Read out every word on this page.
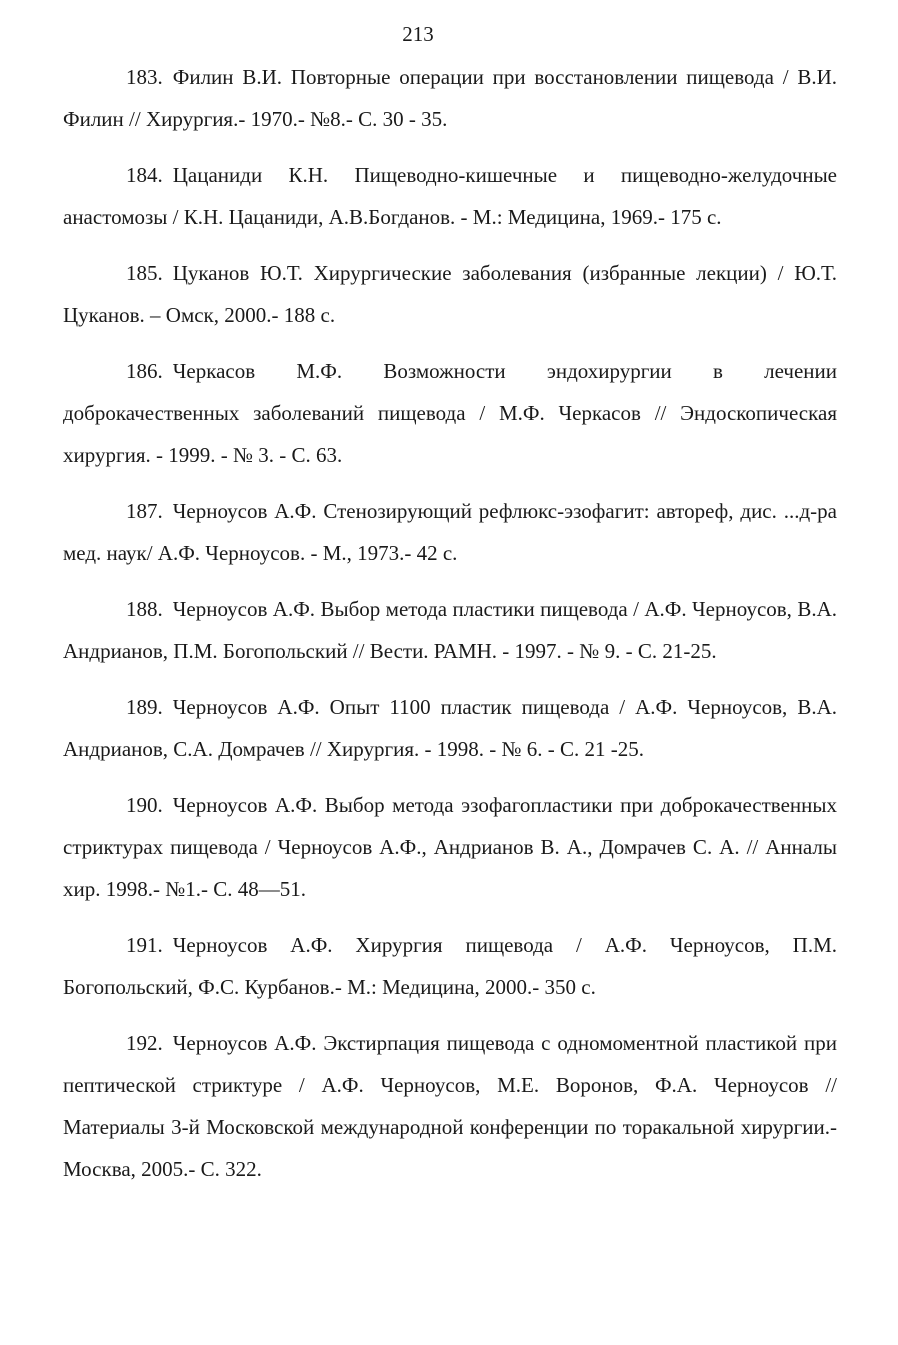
213

183. Филин В.И. Повторные операции при восстановлении пищевода / В.И. Филин // Хирургия.- 1970.- №8.- С. 30 - 35.

184. Цацаниди К.Н. Пищеводно-кишечные и пищеводно-желудочные анастомозы / К.Н. Цацаниди, А.В.Богданов. - М.: Медицина, 1969.- 175 с.

185. Цуканов Ю.Т. Хирургические заболевания (избранные лекции) / Ю.Т. Цуканов. – Омск, 2000.- 188 с.

186. Черкасов М.Ф. Возможности эндохирургии в лечении доброкачественных заболеваний пищевода / М.Ф. Черкасов // Эндоскопическая хирургия. - 1999. - № 3. - С. 63.

187. Черноусов А.Ф. Стенозирующий рефлюкс-эзофагит: автореф, дис. ...д-ра мед. наук/ А.Ф. Черноусов. - М., 1973.- 42 с.

188. Черноусов А.Ф. Выбор метода пластики пищевода / А.Ф. Черноусов, В.А. Андрианов, П.М. Богопольский // Вести. РАМН. - 1997. - № 9. - С. 21-25.

189. Черноусов А.Ф. Опыт 1100 пластик пищевода / А.Ф. Черноусов, В.А. Андрианов, С.А. Домрачев // Хирургия. - 1998. - № 6. - С. 21 -25.

190. Черноусов А.Ф. Выбор метода эзофагопластики при доброкачественных стриктурах пищевода / Черноусов А.Ф., Андрианов В. А., Домрачев С. А. // Анналы хир. 1998.- №1.- С. 48—51.

191. Черноусов А.Ф. Хирургия пищевода / А.Ф. Черноусов, П.М. Богопольский, Ф.С. Курбанов.- М.: Медицина, 2000.- 350 с.

192. Черноусов А.Ф. Экстирпация пищевода с одномоментной пластикой при пептической стриктуре / А.Ф. Черноусов, М.Е. Воронов, Ф.А. Черноусов // Материалы 3-й Московской международной конференции по торакальной хирургии.- Москва, 2005.- С. 322.
